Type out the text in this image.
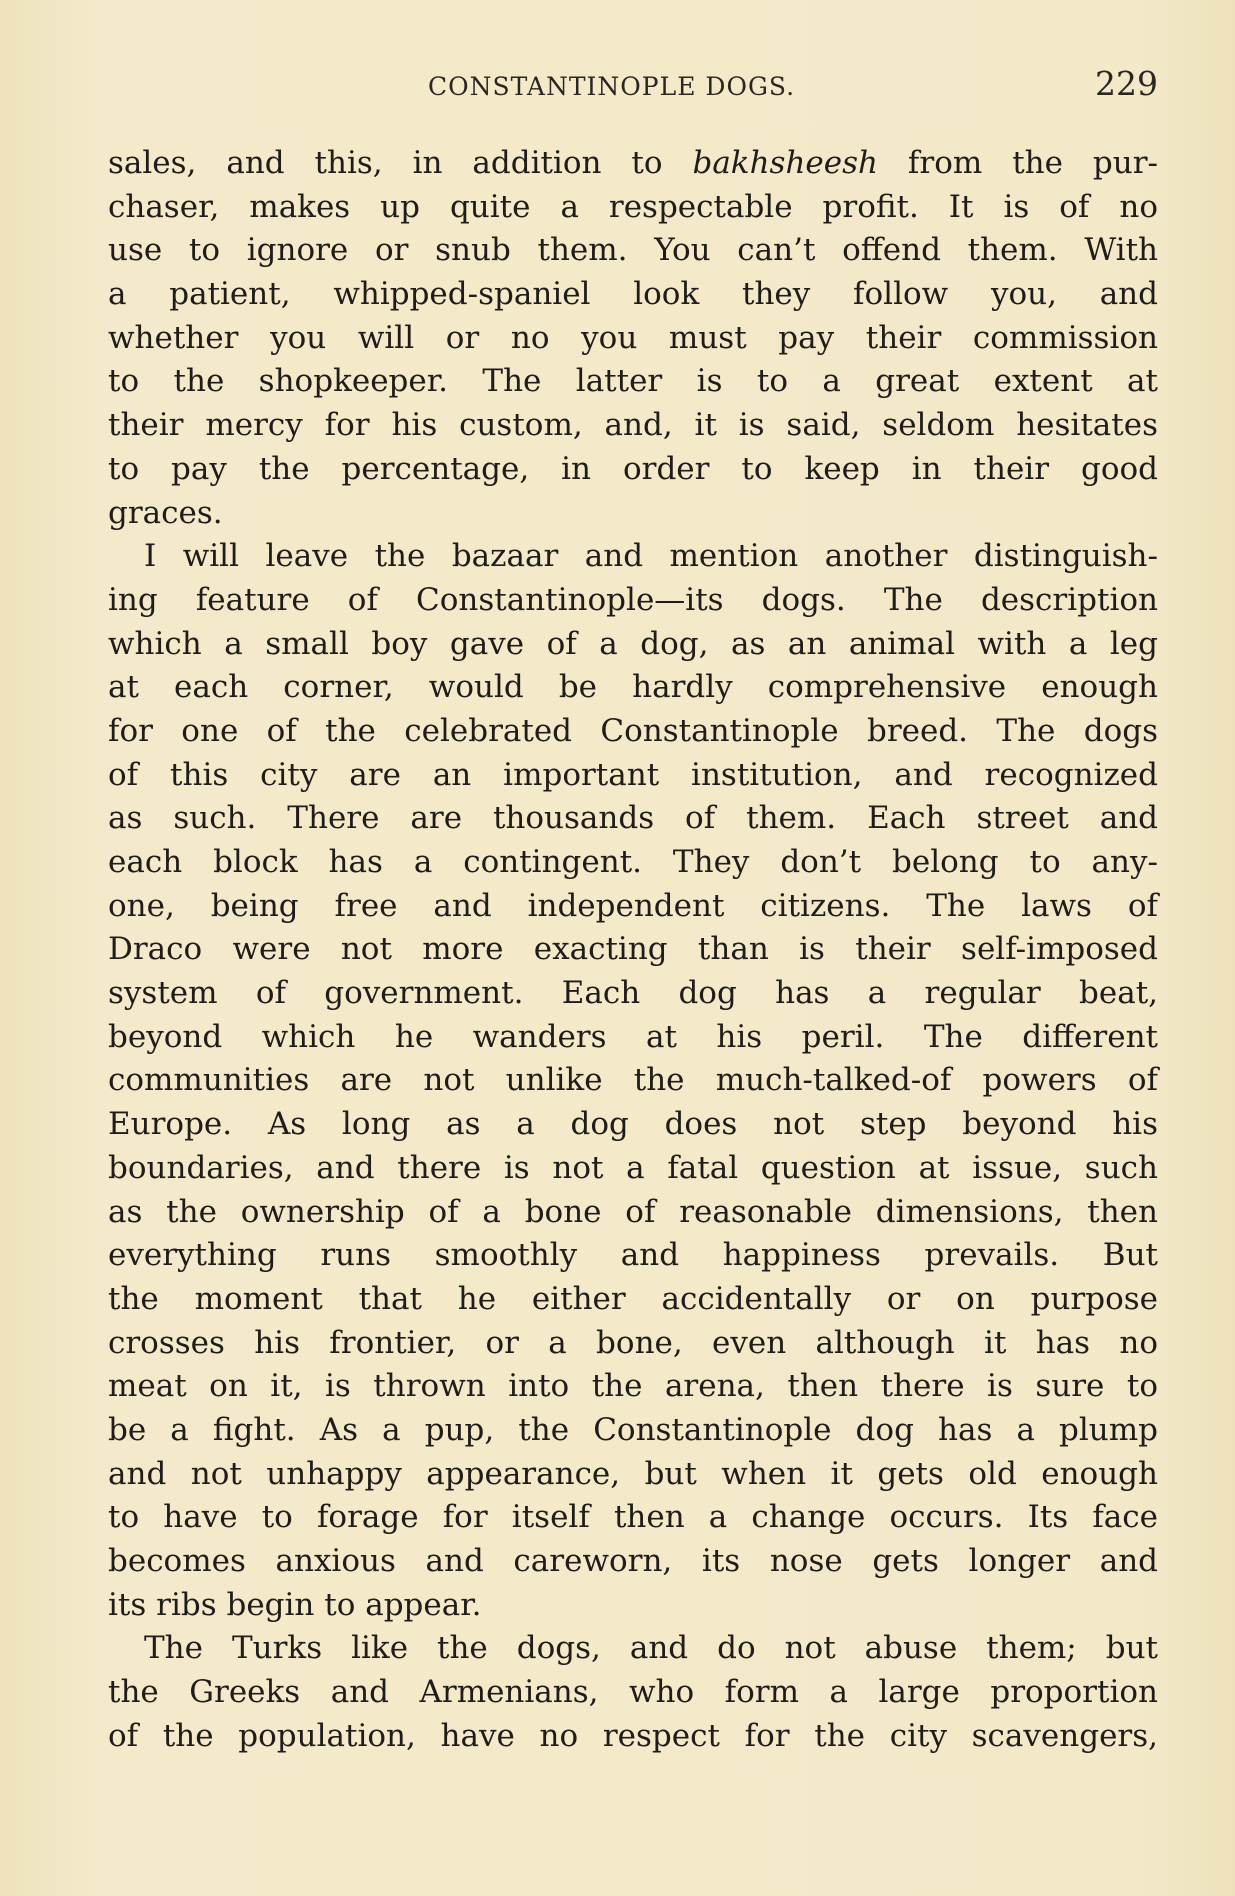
CONSTANTINOPLE DOGS.	229
sales, and this, in addition to bakhsheesh from the pur-
chaser, makes up quite a respectable profit. It is of no
use to ignore or snub them. You can’t offend them. With
a patient, whipped-spaniel look they follow you, and
whether you will or no you must pay their commission
to the shopkeeper. The latter is to a great extent at
their mercy for his custom, and, it is said, seldom hesitates
to pay the percentage, in order to keep in their good
graces.
I will leave the bazaar and mention another distinguish-
ing feature of Constantinople—its dogs. The description
which a small boy gave of a dog, as an animal with a leg
at each corner, would be hardly comprehensive enough
for one of the celebrated Constantinople breed. The dogs
of this city are an important institution, and recognized
as such. There are thousands of them. Each street and
each block has a contingent. They don’t belong to any-
one, being free and independent citizens. The laws of
Draco were not more exacting than is their self-imposed
system of government. Each dog has a regular beat,
beyond which he wanders at his peril. The different
communities are not unlike the much-talked-of powers of
Europe. As long as a dog does not step beyond his
boundaries, and there is not a fatal question at issue, such
as the ownership of a bone of reasonable dimensions, then
everything runs smoothly and happiness prevails. But
the moment that he either accidentally or on purpose
crosses his frontier, or a bone, even although it has no
meat on it, is thrown into the arena, then there is sure to
be a fight. As a pup, the Constantinople dog has a plump
and not unhappy appearance, but when it gets old enough
to have to forage for itself then a change occurs. Its face
becomes anxious and careworn, its nose gets longer and
its ribs begin to appear.
The Turks like the dogs, and do not abuse them; but
the Greeks and Armenians, who form a large proportion
of the population, have no respect for the city scavengers,
